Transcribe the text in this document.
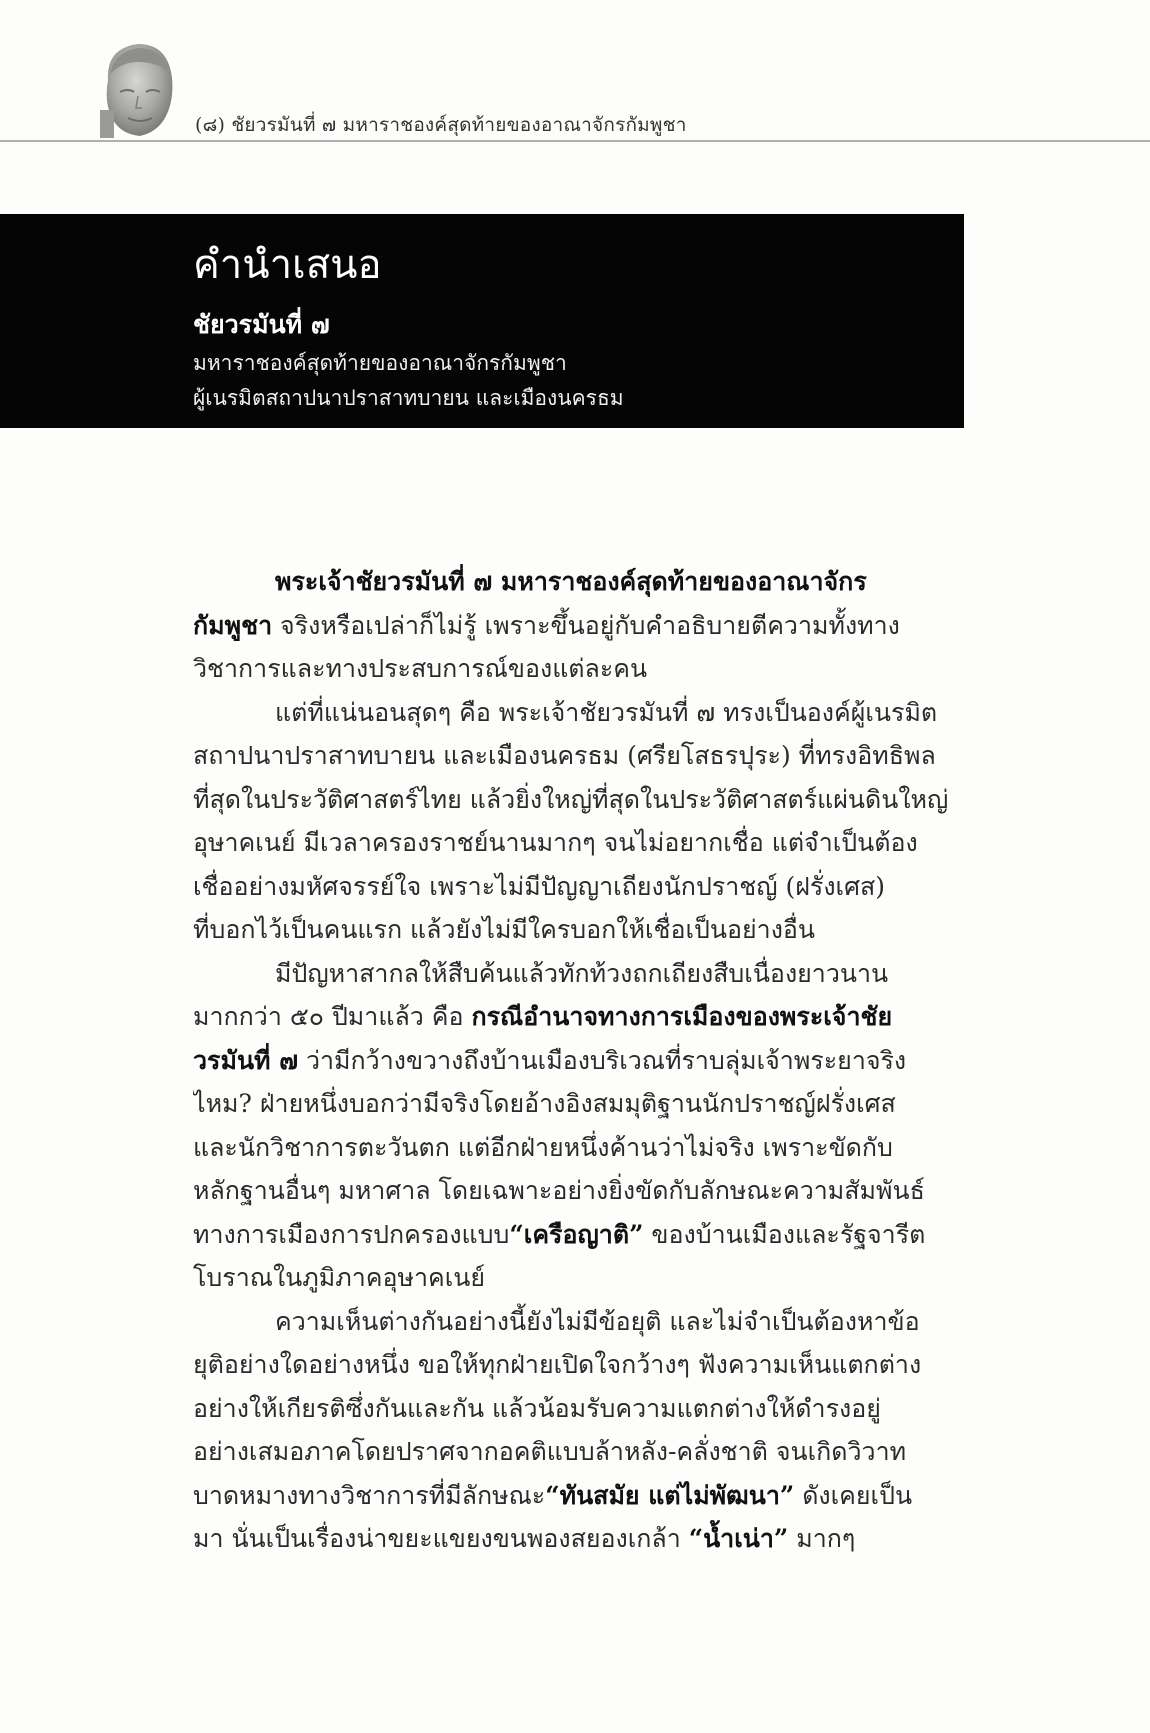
(๘) ชัยวรมันที่ ๗ มหาราชองค์สุดท้ายของอาณาจักรกัมพูชา
คำนำเสนอ
ชัยวรมันที่ ๗
มหาราชองค์สุดท้ายของอาณาจักรกัมพูชา
ผู้เนรมิตสถาปนาปราสาทบายน และเมืองนครธม
พระเจ้าชัยวรมันที่ ๗ มหาราชองค์สุดท้ายของอาณาจักร
กัมพูชา จริงหรือเปล่าก็ไม่รู้ เพราะขึ้นอยู่กับคำอธิบายตีความทั้งทาง
วิชาการและทางประสบการณ์ของแต่ละคน
แต่ที่แน่นอนสุดๆ คือ พระเจ้าชัยวรมันที่ ๗ ทรงเป็นองค์ผู้เนรมิต
สถาปนาปราสาทบายน และเมืองนครธม (ศรียโสธรปุระ) ที่ทรงอิทธิพล
ที่สุดในประวัติศาสตร์ไทย แล้วยิ่งใหญ่ที่สุดในประวัติศาสตร์แผ่นดินใหญ่
อุษาคเนย์ มีเวลาครองราชย์นานมากๆ จนไม่อยากเชื่อ แต่จำเป็นต้อง
เชื่ออย่างมหัศจรรย์ใจ เพราะไม่มีปัญญาเถียงนักปราชญ์ (ฝรั่งเศส)
ที่บอกไว้เป็นคนแรก แล้วยังไม่มีใครบอกให้เชื่อเป็นอย่างอื่น
มีปัญหาสากลให้สืบค้นแล้วทักท้วงถกเถียงสืบเนื่องยาวนาน
มากกว่า ๕๐ ปีมาแล้ว คือ กรณีอำนาจทางการเมืองของพระเจ้าชัย
วรมันที่ ๗ ว่ามีกว้างขวางถึงบ้านเมืองบริเวณที่ราบลุ่มเจ้าพระยาจริง
ไหม? ฝ่ายหนึ่งบอกว่ามีจริงโดยอ้างอิงสมมุติฐานนักปราชญ์ฝรั่งเศส
และนักวิชาการตะวันตก แต่อีกฝ่ายหนึ่งค้านว่าไม่จริง เพราะขัดกับ
หลักฐานอื่นๆ มหาศาล โดยเฉพาะอย่างยิ่งขัดกับลักษณะความสัมพันธ์
ทางการเมืองการปกครองแบบ“เครือญาติ” ของบ้านเมืองและรัฐจารีต
โบราณในภูมิภาคอุษาคเนย์
ความเห็นต่างกันอย่างนี้ยังไม่มีข้อยุติ และไม่จำเป็นต้องหาข้อ
ยุติอย่างใดอย่างหนึ่ง ขอให้ทุกฝ่ายเปิดใจกว้างๆ ฟังความเห็นแตกต่าง
อย่างให้เกียรติซึ่งกันและกัน แล้วน้อมรับความแตกต่างให้ดำรงอยู่
อย่างเสมอภาคโดยปราศจากอคติแบบล้าหลัง-คลั่งชาติ จนเกิดวิวาท
บาดหมางทางวิชาการที่มีลักษณะ“ทันสมัย แต่ไม่พัฒนา” ดังเคยเป็น
มา นั่นเป็นเรื่องน่าขยะแขยงขนพองสยองเกล้า “น้ำเน่า” มากๆ
